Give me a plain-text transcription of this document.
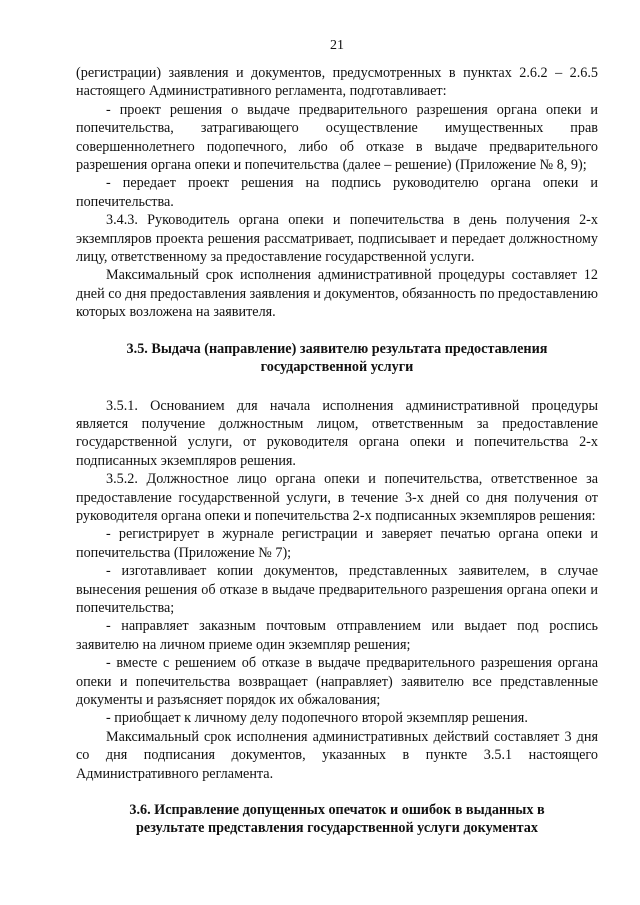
21

(регистрации) заявления и документов, предусмотренных в пунктах 2.6.2 – 2.6.5 настоящего Административного регламента, подготавливает:

- проект решения о выдаче предварительного разрешения органа опеки и попечительства, затрагивающего осуществление имущественных прав совершеннолетнего подопечного, либо об отказе в выдаче предварительного разрешения органа опеки и попечительства (далее – решение) (Приложение № 8, 9);

- передает проект решения на подпись руководителю органа опеки и попечительства.

3.4.3. Руководитель органа опеки и попечительства в день получения 2-х экземпляров проекта решения рассматривает, подписывает и передает должностному лицу, ответственному за предоставление государственной услуги.

Максимальный срок исполнения административной процедуры составляет 12 дней со дня предоставления заявления и документов, обязанность по предоставлению которых возложена на заявителя.

3.5. Выдача (направление) заявителю результата предоставления
государственной услуги

3.5.1. Основанием для начала исполнения административной процедуры является получение должностным лицом, ответственным за предоставление государственной услуги, от руководителя органа опеки и попечительства 2-х подписанных экземпляров решения.

3.5.2. Должностное лицо органа опеки и попечительства, ответственное за предоставление государственной услуги, в течение 3-х дней со дня получения от руководителя органа опеки и попечительства 2-х подписанных экземпляров решения:

- регистрирует в журнале регистрации и заверяет печатью органа опеки и попечительства (Приложение № 7);

- изготавливает копии документов, представленных заявителем, в случае вынесения решения об отказе в выдаче предварительного разрешения органа опеки и попечительства;

- направляет заказным почтовым отправлением или выдает под роспись заявителю на личном приеме один экземпляр решения;

- вместе с решением об отказе в выдаче предварительного разрешения органа опеки и попечительства возвращает (направляет) заявителю все представленные документы и разъясняет порядок их обжалования;

- приобщает к личному делу подопечного второй экземпляр решения.

Максимальный срок исполнения административных действий составляет 3 дня со дня подписания документов, указанных в пункте 3.5.1 настоящего Административного регламента.

3.6. Исправление допущенных опечаток и ошибок в выданных в
результате представления государственной услуги документах
